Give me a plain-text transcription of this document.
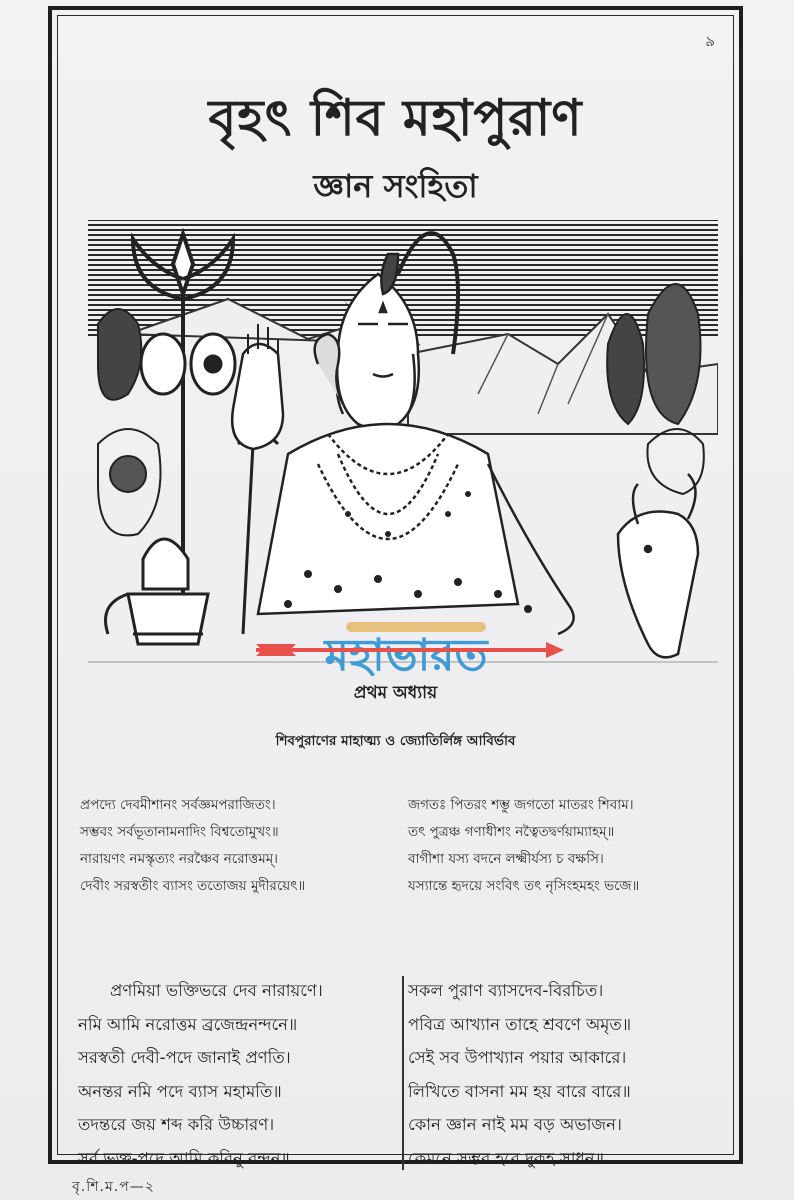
৯
বৃহৎ শিব মহাপুরাণ
জ্ঞান সংহিতা
মহাভারত
প্রথম অধ্যায়
শিবপুরাণের মাহাত্ম্য ও জ্যোতির্লিঙ্গ আবির্ভাব
প্রপদ্যে দেবমীশানং সর্বজ্ঞমপরাজিতং।
সম্ভবং সর্বভূতানামনাদিং বিশ্বতোমুখং॥
নারায়ণং নমস্কৃত্যং নরঞ্চৈব নরোত্তমম্।
দেবীং সরস্বতীং ব্যাসং ততোজয় মুদীরয়েৎ॥
জগতঃ পিতরং শম্ভু জগতো মাতরং শিবাম।
তৎ পুত্রঞ্চ গণাধীশং নত্বৈতদ্বর্ণয়াম্যাহম্॥
বাগীশা যস্য বদনে লক্ষ্মীর্যস্য চ বক্ষসি।
যস্যান্তে হৃদয়ে সংবিৎ তৎ নৃসিংহমহং ভজে॥
প্রণমিয়া ভক্তিভরে দেব নারায়ণে।
নমি আমি নরোত্তম ব্রজেন্দ্রনন্দনে॥
সরস্বতী দেবী-পদে জানাই প্রণতি।
অনন্তর নমি পদে ব্যাস মহামতি॥
তদন্তরে জয় শব্দ করি উচ্চারণ।
সর্ব ভক্ত-পদে আমি করিনু বন্দন॥
সকল পুরাণ ব্যাসদেব-বিরচিত।
পবিত্র আখ্যান তাহে শ্রবণে অমৃত॥
সেই সব উপাখ্যান পয়ার আকারে।
লিখিতে বাসনা মম হয় বারে বারে॥
কোন জ্ঞান নাই মম বড় অভাজন।
কেমনে সম্ভব হবে দুরূহ সাধন॥
বৃ.শি.ম.প—২
